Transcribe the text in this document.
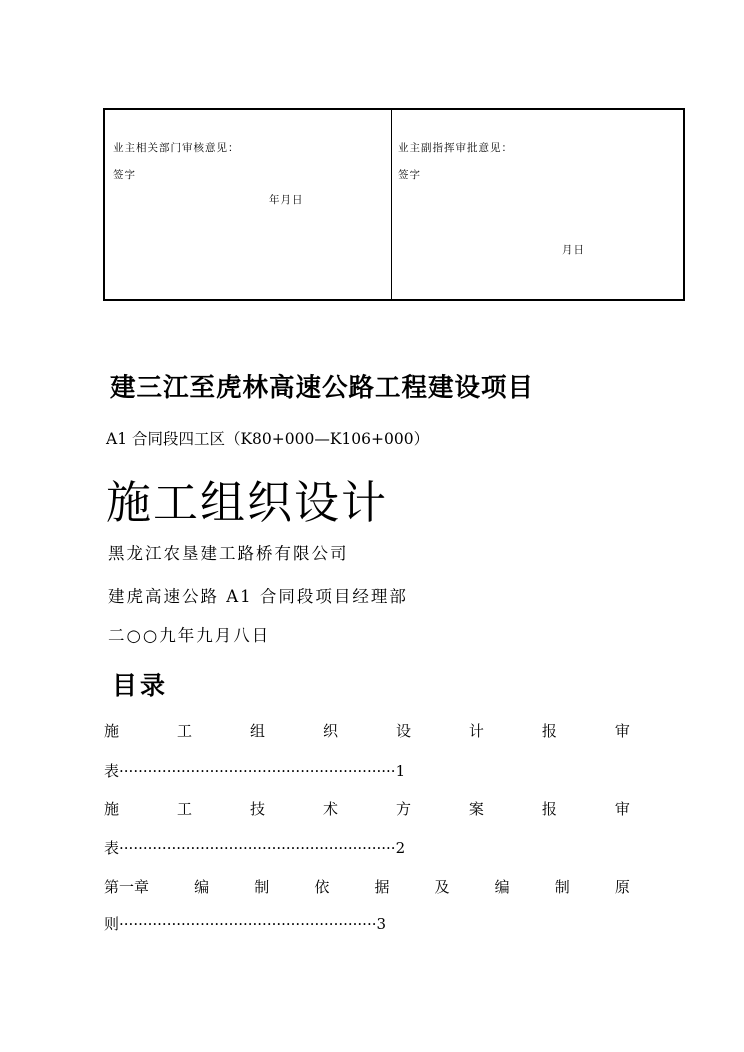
业主相关部门审核意见：
签字
年月日
业主副指挥审批意见：
签字
月日
建三江至虎林高速公路工程建设项目
A1 合同段四工区（K80+000—K106+000）
施工组织设计
黑龙江农垦建工路桥有限公司
建虎高速公路 A1 合同段项目经理部
二○○九年九月八日
目录
施	工	组	织	设	计	报	审
表··························································1
施	工	技	术	方	案	报	审
表··························································2
第一章	编	制	依	据	及	编	制	原
则······················································3
